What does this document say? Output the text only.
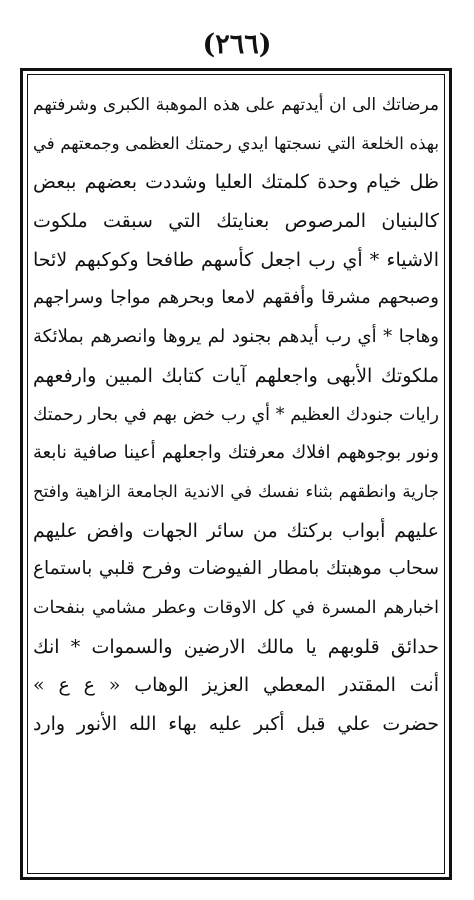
(٢٦٦)
مرضاتك الى ان أيدتهم على هذه الموهبة الكبرى وشرفتهم
بهذه الخلعة التي نسجتها ايدي رحمتك العظمى وجمعتهم في
ظل خيام وحدة كلمتك العليا وشددت بعضهم ببعض
كالبنيان المرصوص بعنايتك التي سبقت ملكوت
الاشياء * أي رب اجعل كأسهم طافحا وكوكبهم لائحا
وصبحهم مشرقا وأفقهم لامعا وبحرهم مواجا وسراجهم
وهاجا * أي رب أيدهم بجنود لم يروها وانصرهم بملائكة
ملكوتك الأبهى واجعلهم آيات كتابك المبين وارفعهم
رايات جنودك العظيم * أي رب خض بهم في بحار رحمتك
ونور بوجوههم افلاك معرفتك واجعلهم أعينا صافية نابعة
جارية وانطقهم بثناء نفسك في الاندية الجامعة الزاهية وافتح
عليهم أبواب بركتك من سائر الجهات وافض عليهم
سحاب موهبتك بامطار الفيوضات وفرح قلبي باستماع
اخبارهم المسرة في كل الاوقات وعطر مشامي بنفحات
حدائق قلوبهم يا مالك الارضين والسموات * انك
أنت المقتدر المعطي العزيز الوهاب « ع ع »
حضرت علي قبل أكبر عليه بهاء الله الأنور وارد
